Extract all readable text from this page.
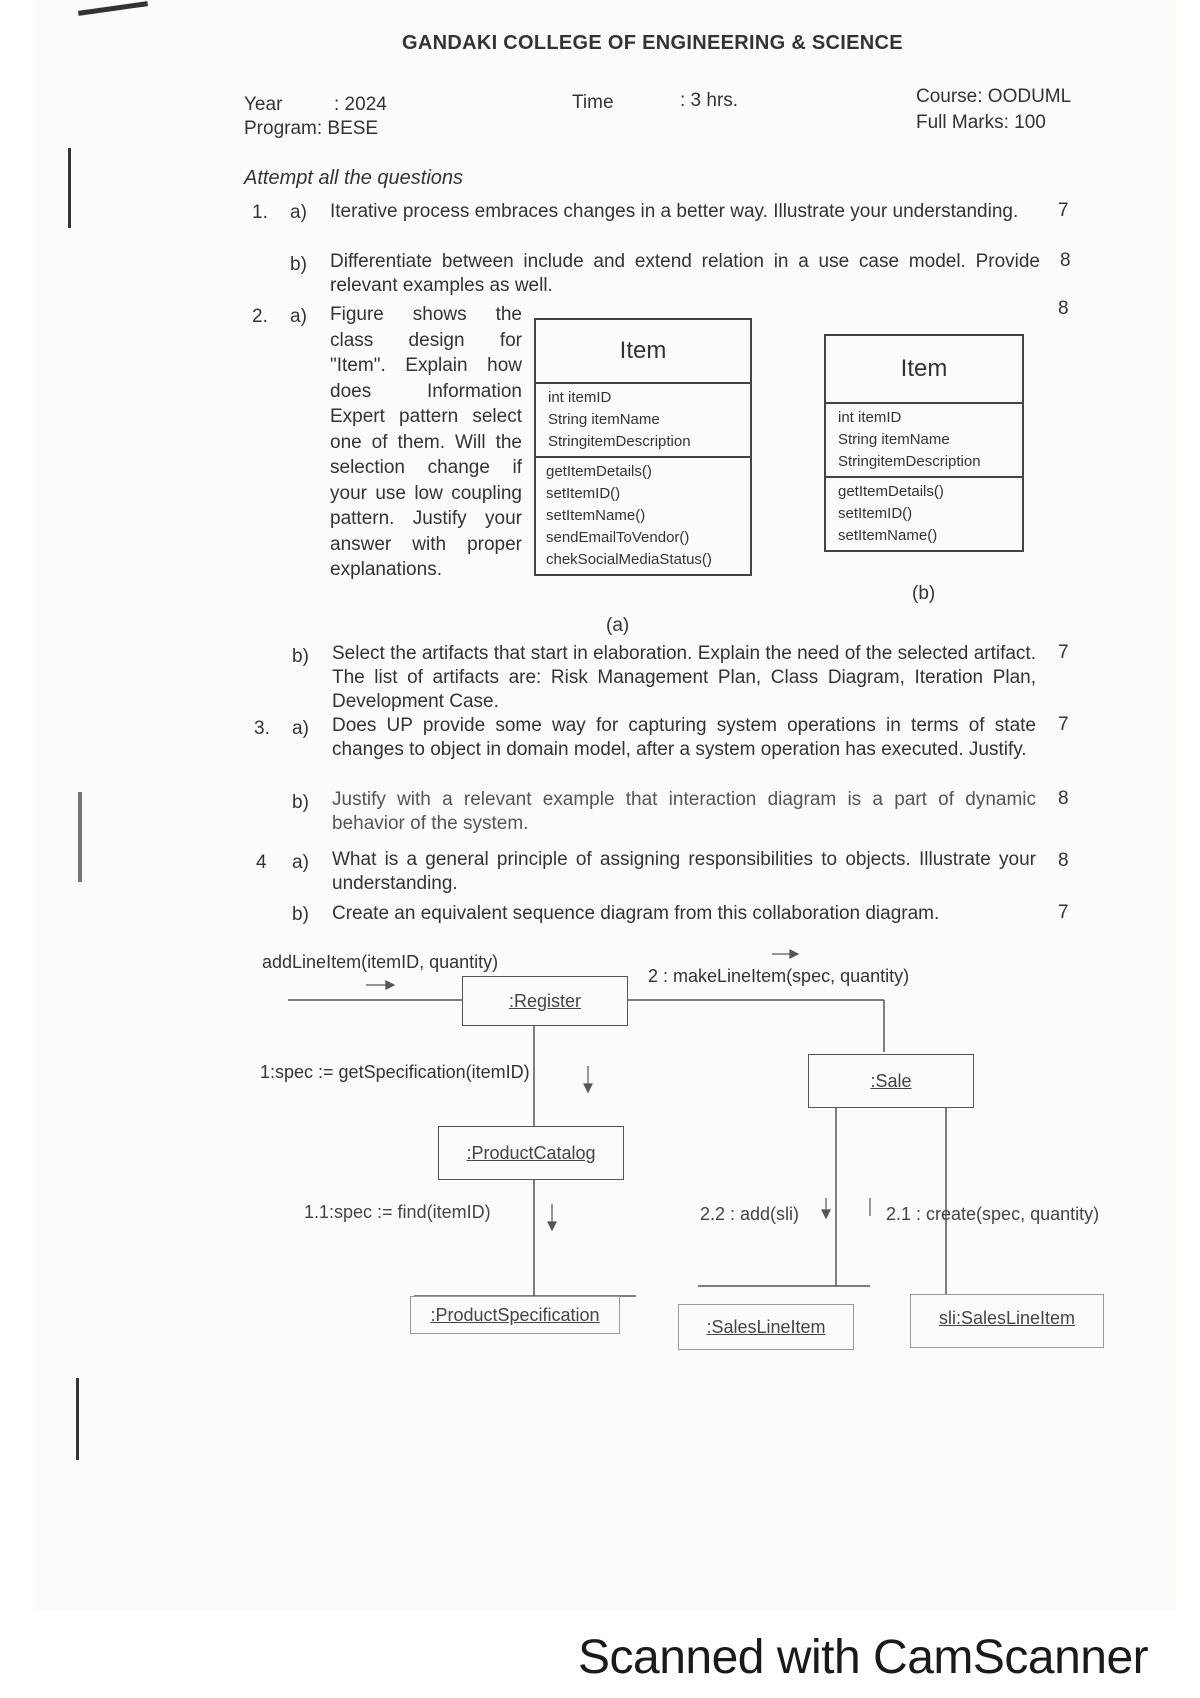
GANDAKI COLLEGE OF ENGINEERING & SCIENCE
Year	: 2024
Program: BESE
Time	: 3 hrs.	Course: OODUML
Full Marks: 100
Attempt all the questions
1. a) Iterative process embraces changes in a better way. Illustrate your understanding.	7
b) Differentiate between include and extend relation in a use case model. Provide relevant examples as well.
8
2. a) Figure shows the class design for "Item". Explain how does Information Expert pattern select one of them. Will the selection change if your use low coupling pattern. Justify your answer with proper explanations.
8
Item
int itemID
String itemName
StringitemDescription
getItemDetails()
setItemID()
setItemName()
sendEmailToVendor()
chekSocialMediaStatus()
(a)
Item
int itemID
String itemName
StringitemDescription
getItemDetails()
setItemID()
setItemName()
(b)
b) Select the artifacts that start in elaboration. Explain the need of the selected artifact. The list of artifacts are: Risk Management Plan, Class Diagram, Iteration Plan, Development Case.
7
3. a) Does UP provide some way for capturing system operations in terms of state changes to object in domain model, after a system operation has executed. Justify.
7
b) Justify with a relevant example that interaction diagram is a part of dynamic behavior of the system.
8
4 a) What is a general principle of assigning responsibilities to objects. Illustrate your understanding.
8
b) Create an equivalent sequence diagram from this collaboration diagram.	7
:Register
:Sale
:ProductCatalog
:ProductSpecification
:SalesLineItem	sli:SalesLineItem
addLineItem(itemID, quantity)
1:spec := getSpecification(itemID)
1.1:spec := find(itemID)
2 : makeLineItem(spec, quantity)
2.2 : add(sli)	2.1 : create(spec, quantity)
Scanned with CamScanner
